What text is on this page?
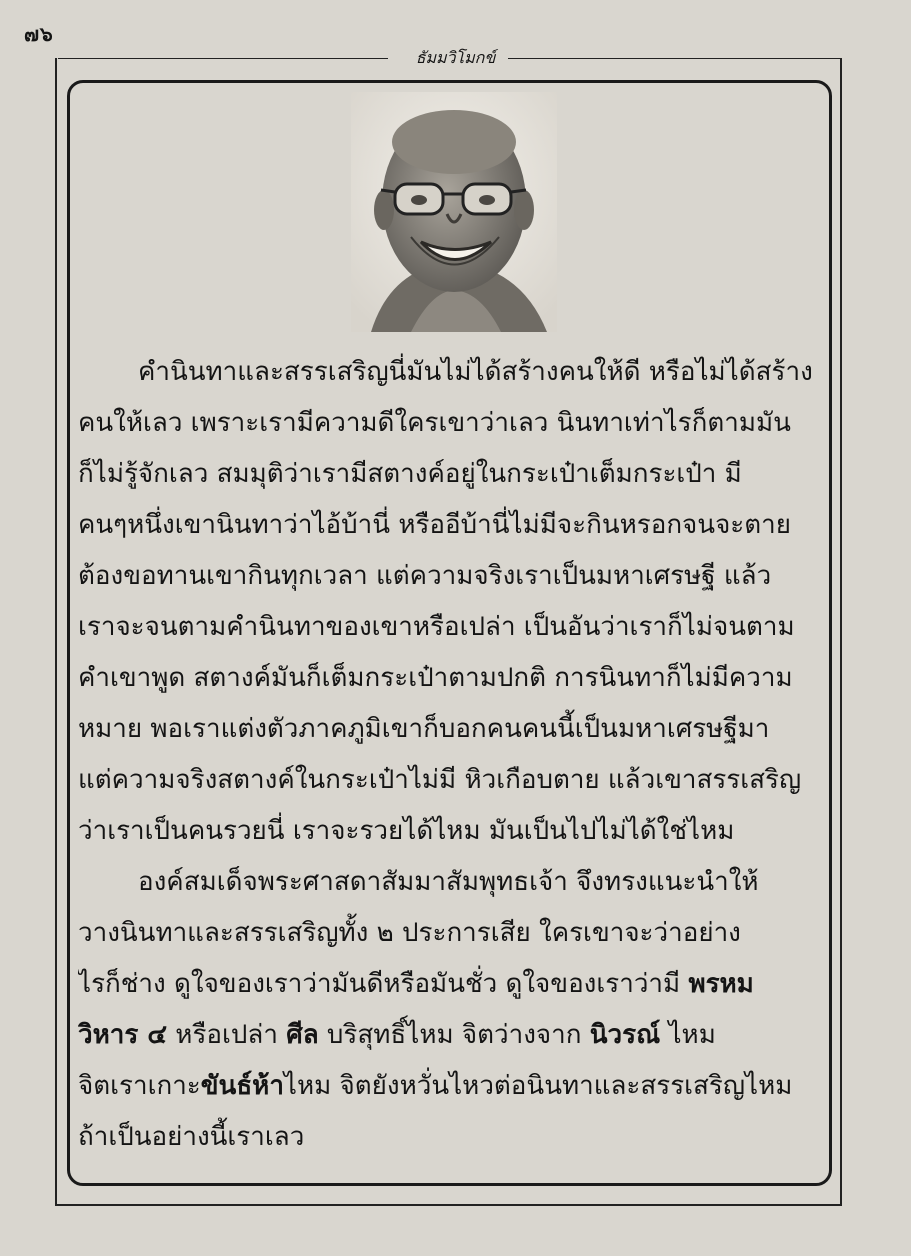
๗๖
ธัมมวิโมกข์

คำนินทาและสรรเสริญนี่มันไม่ได้สร้างคนให้ดี หรือไม่ได้สร้าง
คนให้เลว เพราะเรามีความดีใครเขาว่าเลว นินทาเท่าไรก็ตามมัน
ก็ไม่รู้จักเลว สมมุติว่าเรามีสตางค์อยู่ในกระเป๋าเต็มกระเป๋า มี
คนๆหนึ่งเขานินทาว่าไอ้บ้านี่ หรืออีบ้านี่ไม่มีจะกินหรอกจนจะตาย
ต้องขอทานเขากินทุกเวลา แต่ความจริงเราเป็นมหาเศรษฐี แล้ว
เราจะจนตามคำนินทาของเขาหรือเปล่า เป็นอันว่าเราก็ไม่จนตาม
คำเขาพูด สตางค์มันก็เต็มกระเป๋าตามปกติ การนินทาก็ไม่มีความ
หมาย พอเราแต่งตัวภาคภูมิเขาก็บอกคนคนนี้เป็นมหาเศรษฐีมา
แต่ความจริงสตางค์ในกระเป๋าไม่มี หิวเกือบตาย แล้วเขาสรรเสริญ
ว่าเราเป็นคนรวยนี่ เราจะรวยได้ไหม มันเป็นไปไม่ได้ใช่ไหม
องค์สมเด็จพระศาสดาสัมมาสัมพุทธเจ้า จึงทรงแนะนำให้
วางนินทาและสรรเสริญทั้ง ๒ ประการเสีย ใครเขาจะว่าอย่าง
ไรก็ช่าง ดูใจของเราว่ามันดีหรือมันชั่ว ดูใจของเราว่ามี พรหม
วิหาร ๔ หรือเปล่า ศีล บริสุทธิ์ไหม จิตว่างจาก นิวรณ์ ไหม
จิตเราเกาะขันธ์ห้าไหม จิตยังหวั่นไหวต่อนินทาและสรรเสริญไหม
ถ้าเป็นอย่างนี้เราเลว
